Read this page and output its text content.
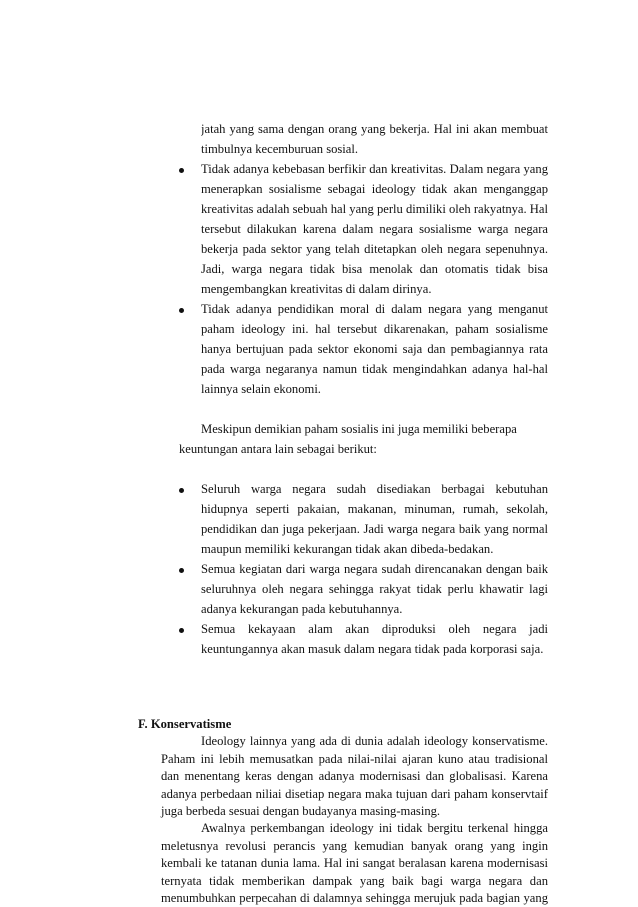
jatah yang sama dengan orang yang bekerja. Hal ini akan membuat
timbulnya kecemburuan sosial.
Tidak adanya kebebasan berfikir dan kreativitas. Dalam negara yang
menerapkan sosialisme sebagai ideology tidak akan menganggap
kreativitas adalah sebuah hal yang perlu dimiliki oleh rakyatnya. Hal
tersebut dilakukan karena dalam negara sosialisme warga negara
bekerja pada sektor yang telah ditetapkan oleh negara sepenuhnya.
Jadi, warga negara tidak bisa menolak dan otomatis tidak bisa
mengembangkan kreativitas di dalam dirinya.
Tidak adanya pendidikan moral di dalam negara yang menganut
paham ideology ini. hal tersebut dikarenakan, paham sosialisme
hanya bertujuan pada sektor ekonomi saja dan pembagiannya rata
pada warga negaranya namun tidak mengindahkan adanya hal-hal
lainnya selain ekonomi.
Meskipun demikian paham sosialis ini juga memiliki beberapa
keuntungan antara lain sebagai berikut:
Seluruh warga negara sudah disediakan berbagai kebutuhan
hidupnya seperti pakaian, makanan, minuman, rumah, sekolah,
pendidikan dan juga pekerjaan. Jadi warga negara baik yang normal
maupun memiliki kekurangan tidak akan dibeda-bedakan.
Semua kegiatan dari warga negara sudah direncanakan dengan baik
seluruhnya oleh negara sehingga rakyat tidak perlu khawatir lagi
adanya kekurangan pada kebutuhannya.
Semua kekayaan alam akan diproduksi oleh negara jadi
keuntungannya akan masuk dalam negara tidak pada korporasi saja.
F. Konservatisme
Ideology lainnya yang ada di dunia adalah ideology konservatisme.
Paham ini lebih memusatkan pada nilai-nilai ajaran kuno atau tradisional
dan menentang keras dengan adanya modernisasi dan globalisasi. Karena
adanya perbedaan niliai disetiap negara maka tujuan dari paham konservtaif
juga berbeda sesuai dengan budayanya masing-masing.
Awalnya perkembangan ideology ini tidak bergitu terkenal hingga
meletusnya revolusi perancis yang kemudian banyak orang yang ingin
kembali ke tatanan dunia lama. Hal ini sangat beralasan karena modernisasi
ternyata tidak memberikan dampak yang baik bagi warga negara dan
menumbuhkan perpecahan di dalamnya sehingga merujuk pada bagian yang
